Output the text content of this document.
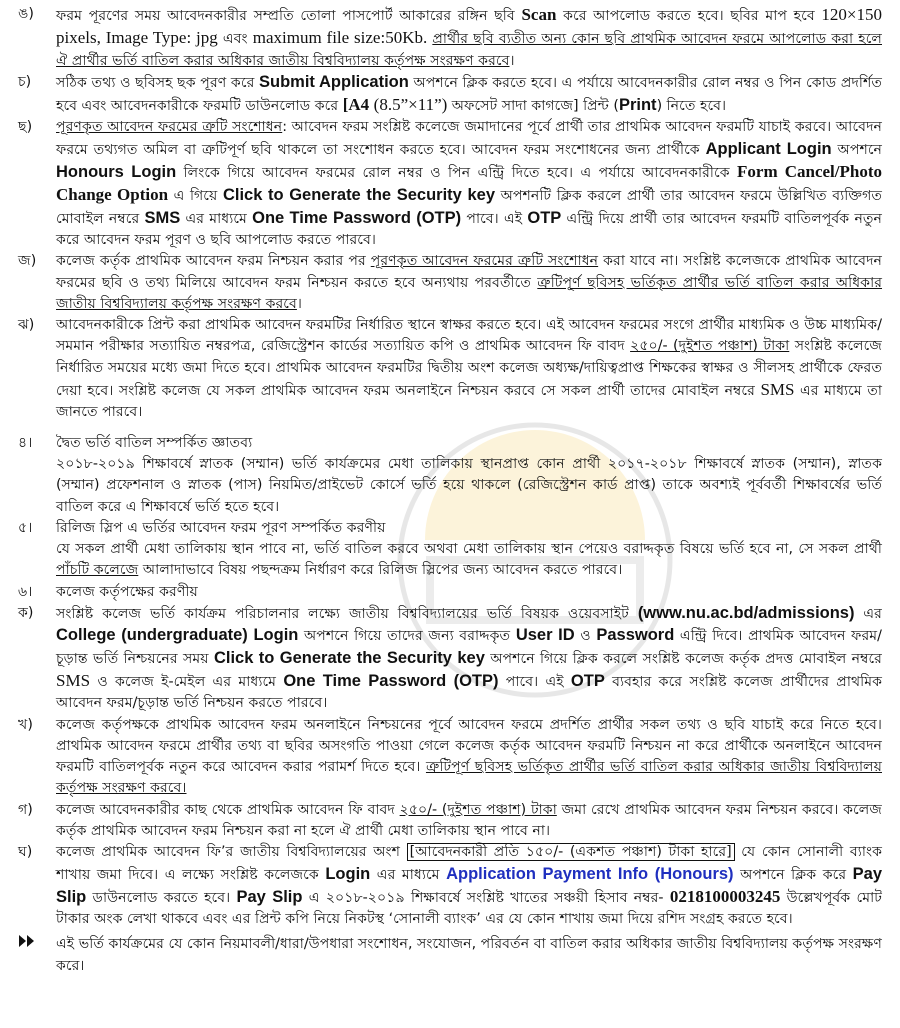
ঙ)	ফরম পূরণের সময় আবেদনকারীর সম্প্রতি তোলা পাসপোর্ট আকারের রঙ্গিন ছবি Scan করে আপলোড করতে হবে। ছবির মাপ হবে 120×150 pixels, Image Type: jpg এবং maximum file size:50Kb. প্রার্থীর ছবি ব্যতীত অন্য কোন ছবি প্রাথমিক আবেদন ফরমে আপলোড করা হলে ঐ প্রার্থীর ভর্তি বাতিল করার অধিকার জাতীয় বিশ্ববিদ্যালয় কর্তৃপক্ষ সংরক্ষণ করবে।
চ)	সঠিক তথ্য ও ছবিসহ ছক পূরণ করে Submit Application অপশনে ক্লিক করতে হবে। এ পর্যায়ে আবেদনকারীর রোল নম্বর ও পিন কোড প্রদর্শিত হবে এবং আবেদনকারীকে ফরমটি ডাউনলোড করে [A4 (8.5”×11”) অফসেট সাদা কাগজে] প্রিন্ট (Print) নিতে হবে।
ছ)	পূরণকৃত আবেদন ফরমের ত্রুটি সংশোধন: আবেদন ফরম সংশ্লিষ্ট কলেজে জমাদানের পূর্বে প্রার্থী তার প্রাথমিক আবেদন ফরমটি যাচাই করবে। আবেদন ফরমে তথ্যগত অমিল বা ত্রুটিপূর্ণ ছবি থাকলে তা সংশোধন করতে হবে। আবেদন ফরম সংশোধনের জন্য প্রার্থীকে Applicant Login অপশনে Honours Login লিংকে গিয়ে আবেদন ফরমের রোল নম্বর ও পিন এন্ট্রি দিতে হবে। এ পর্যায়ে আবেদনকারীকে Form Cancel/Photo Change Option এ গিয়ে Click to Generate the Security key অপশনটি ক্লিক করলে প্রার্থী তার আবেদন ফরমে উল্লিখিত ব্যক্তিগত মোবাইল নম্বরে SMS এর মাধ্যমে One Time Password (OTP) পাবে। এই OTP এন্ট্রি দিয়ে প্রার্থী তার আবেদন ফরমটি বাতিলপূর্বক নতুন করে আবেদন ফরম পূরণ ও ছবি আপলোড করতে পারবে।
জ)	কলেজ কর্তৃক প্রাথমিক আবেদন ফরম নিশ্চয়ন করার পর পূরণকৃত আবেদন ফরমের ত্রুটি সংশোধন করা যাবে না। সংশ্লিষ্ট কলেজকে প্রাথমিক আবেদন ফরমের ছবি ও তথ্য মিলিয়ে আবেদন ফরম নিশ্চয়ন করতে হবে অন্যথায় পরবর্তীতে ত্রুটিপূর্ণ ছবিসহ ভর্তিকৃত প্রার্থীর ভর্তি বাতিল করার অধিকার জাতীয় বিশ্ববিদ্যালয় কর্তৃপক্ষ সংরক্ষণ করবে।
ঝ)	আবেদনকারীকে প্রিন্ট করা প্রাথমিক আবেদন ফরমটির নির্ধারিত স্থানে স্বাক্ষর করতে হবে। এই আবেদন ফরমের সংগে প্রার্থীর মাধ্যমিক ও উচ্চ মাধ্যমিক/সমমান পরীক্ষার সত্যায়িত নম্বরপত্র, রেজিস্ট্রেশন কার্ডের সত্যায়িত কপি ও প্রাথমিক আবেদন ফি বাবদ ২৫০/- (দুইশত পঞ্চাশ) টাকা সংশ্লিষ্ট কলেজে নির্ধারিত সময়ের মধ্যে জমা দিতে হবে। প্রাথমিক আবেদন ফরমটির দ্বিতীয় অংশ কলেজ অধ্যক্ষ/দায়িত্বপ্রাপ্ত শিক্ষকের স্বাক্ষর ও সীলসহ প্রার্থীকে ফেরত দেয়া হবে। সংশ্লিষ্ট কলেজ যে সকল প্রাথমিক আবেদন ফরম অনলাইনে নিশ্চয়ন করবে সে সকল প্রার্থী তাদের মোবাইল নম্বরে SMS এর মাধ্যমে তা জানতে পারবে।
৪।	দ্বৈত ভর্তি বাতিল সম্পর্কিত জ্ঞাতব্য
২০১৮-২০১৯ শিক্ষাবর্ষে স্নাতক (সম্মান) ভর্তি কার্যক্রমের মেধা তালিকায় স্থানপ্রাপ্ত কোন প্রার্থী ২০১৭-২০১৮ শিক্ষাবর্ষে স্নাতক (সম্মান), স্নাতক (সম্মান) প্রফেশনাল ও স্নাতক (পাস) নিয়মিত/প্রাইভেট কোর্সে ভর্তি হয়ে থাকলে (রেজিস্ট্রেশন কার্ড প্রাপ্ত) তাকে অবশ্যই পূর্ববর্তী শিক্ষাবর্ষের ভর্তি বাতিল করে এ শিক্ষাবর্ষে ভর্তি হতে হবে।
৫।	রিলিজ স্লিপ এ ভর্তির আবেদন ফরম পূরণ সম্পর্কিত করণীয়
যে সকল প্রার্থী মেধা তালিকায় স্থান পাবে না, ভর্তি বাতিল করবে অথবা মেধা তালিকায় স্থান পেয়েও বরাদ্দকৃত বিষয়ে ভর্তি হবে না, সে সকল প্রার্থী পাঁচটি কলেজে আলাদাভাবে বিষয় পছন্দক্রম নির্ধারণ করে রিলিজ স্লিপের জন্য আবেদন করতে পারবে।
৬।	কলেজ কর্তৃপক্ষের করণীয়
ক)	সংশ্লিষ্ট কলেজ ভর্তি কার্যক্রম পরিচালনার লক্ষ্যে জাতীয় বিশ্ববিদ্যালয়ের ভর্তি বিষয়ক ওয়েবসাইট (www.nu.ac.bd/admissions) এর College (undergraduate) Login অপশনে গিয়ে তাদের জন্য বরাদ্দকৃত User ID ও Password এন্ট্রি দিবে। প্রাথমিক আবেদন ফরম/চূড়ান্ত ভর্তি নিশ্চয়নের সময় Click to Generate the Security key অপশনে গিয়ে ক্লিক করলে সংশ্লিষ্ট কলেজ কর্তৃক প্রদত্ত মোবাইল নম্বরে SMS ও কলেজ ই-মেইল এর মাধ্যমে One Time Password (OTP) পাবে। এই OTP ব্যবহার করে সংশ্লিষ্ট কলেজ প্রার্থীদের প্রাথমিক আবেদন ফরম/চূড়ান্ত ভর্তি নিশ্চয়ন করতে পারবে।
খ)	কলেজ কর্তৃপক্ষকে প্রাথমিক আবেদন ফরম অনলাইনে নিশ্চয়নের পূর্বে আবেদন ফরমে প্রদর্শিত প্রার্থীর সকল তথ্য ও ছবি যাচাই করে নিতে হবে। প্রাথমিক আবেদন ফরমে প্রার্থীর তথ্য বা ছবির অসংগতি পাওয়া গেলে কলেজ কর্তৃক আবেদন ফরমটি নিশ্চয়ন না করে প্রার্থীকে অনলাইনে আবেদন ফরমটি বাতিলপূর্বক নতুন করে আবেদন করার পরামর্শ দিতে হবে। ত্রুটিপূর্ণ ছবিসহ ভর্তিকৃত প্রার্থীর ভর্তি বাতিল করার অধিকার জাতীয় বিশ্ববিদ্যালয় কর্তৃপক্ষ সংরক্ষণ করবে।
গ)	কলেজ আবেদনকারীর কাছ থেকে প্রাথমিক আবেদন ফি বাবদ ২৫০/- (দুইশত পঞ্চাশ) টাকা জমা রেখে প্রাথমিক আবেদন ফরম নিশ্চয়ন করবে। কলেজ কর্তৃক প্রাথমিক আবেদন ফরম নিশ্চয়ন করা না হলে ঐ প্রার্থী মেধা তালিকায় স্থান পাবে না।
ঘ)	কলেজ প্রাথমিক আবেদন ফি’র জাতীয় বিশ্ববিদ্যালয়ের অংশ [আবেদনকারী প্রতি ১৫০/- (একশত পঞ্চাশ) টাকা হারে] যে কোন সোনালী ব্যাংক শাখায় জমা দিবে। এ লক্ষ্যে সংশ্লিষ্ট কলেজকে Login এর মাধ্যমে Application Payment Info (Honours) অপশনে ক্লিক করে Pay Slip ডাউনলোড করতে হবে। Pay Slip এ ২০১৮-২০১৯ শিক্ষাবর্ষে সংশ্লিষ্ট খাতের সঞ্চয়ী হিসাব নম্বর- 0218100003245 উল্লেখপূর্বক মোট টাকার অংক লেখা থাকবে এবং এর প্রিন্ট কপি নিয়ে নিকটস্থ ‘সোনালী ব্যাংক’ এর যে কোন শাখায় জমা দিয়ে রশিদ সংগ্রহ করতে হবে।
এই ভর্তি কার্যক্রমের যে কোন নিয়মাবলী/ধারা/উপধারা সংশোধন, সংযোজন, পরিবর্তন বা বাতিল করার অধিকার জাতীয় বিশ্ববিদ্যালয় কর্তৃপক্ষ সংরক্ষণ করে।
